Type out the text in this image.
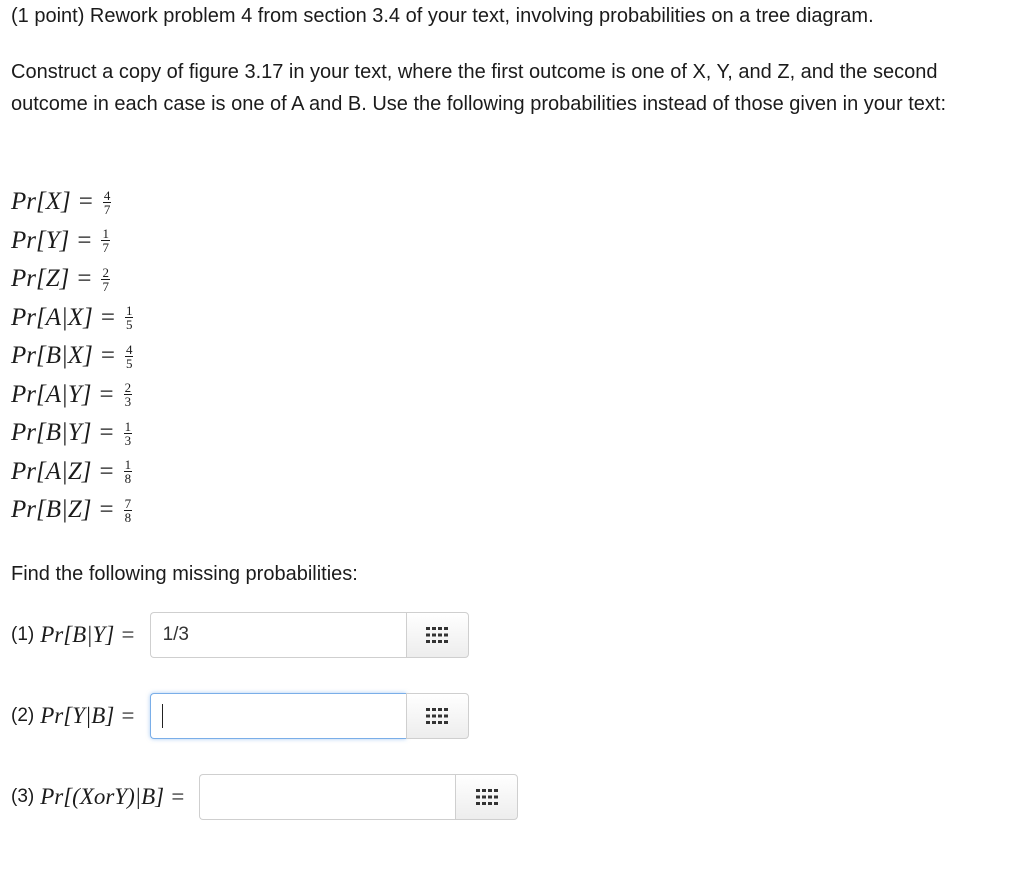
(1 point) Rework problem 4 from section 3.4 of your text, involving probabilities on a tree diagram.

Construct a copy of figure 3.17 in your text, where the first outcome is one of X, Y, and Z, and the second outcome in each case is one of A and B. Use the following probabilities instead of those given in your text:

$Pr[X] = \frac{4}{7}$
$Pr[Y] = \frac{1}{7}$
$Pr[Z] = \frac{2}{7}$
$Pr[A|X] = \frac{1}{5}$
$Pr[B|X] = \frac{4}{5}$
$Pr[A|Y] = \frac{2}{3}$
$Pr[B|Y] = \frac{1}{3}$
$Pr[A|Z] = \frac{1}{8}$
$Pr[B|Z] = \frac{7}{8}$

Find the following missing probabilities:

(1) Pr[B|Y] =
1/3
(2) Pr[Y|B] =
(3) Pr[(XorY)|B] =
